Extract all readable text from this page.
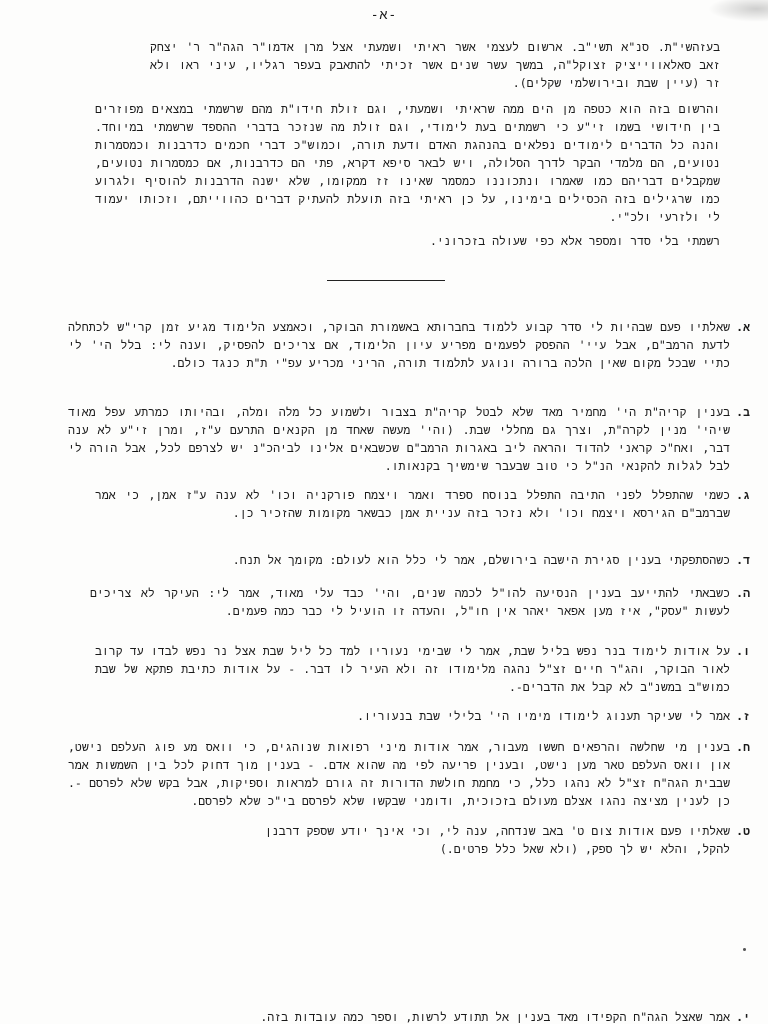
-א-

בעזהשי"ת. סנ"א תשי"ב. ארשום לעצמי אשר ראיתי ושמעתי אצל מרן אדמו"ר הגה"ר ר' יצחק זאב סאלאווייציק זצוקל"ה, במשך עשר שנים אשר זכיתי להתאבק בעפר רגליו, עיני ראו ולא זר (עיין שבת ובירושלמי שקלים).

והרשום בזה הוא כטפה מן הים ממה שראיתי ושמעתי, וגם זולת חידו"ת מהם שרשמתי במצאים מפוזרים בין חידושי בשמו זי"ע כי רשמתים בעת לימודי, וגם זולת מה שנזכר בדברי ההספד שרשמתי במיוחד. והנה כל הדברים לימודים נפלאים בהנהגת האדם ודעת תורה, וכמוש"כ דברי חכמים כדרבנות וכמסמרות נטועים, הם מלמדי הבקר לדרך הסלולה, ויש לבאר סיפא דקרא, פתי הם כדרבנות, אם כמסמרות נטועים, שמקבלים דבריהם כמו שאמרו ונתכוננו כמסמר שאינו זז ממקומו, שלא ישנה הדרבנות להוסיף ולגרוע כמו שרגילים בזה הכסילים בימינו, על כן ראיתי בזה תועלת להעתיק דברים כהווייתם, וזכותו יעמוד לי ולזרעי ולכ"י.

רשמתי בלי סדר ומספר אלא כפי שעולה בזכרוני.

א.
שאלתיו פעם שבהיות לי סדר קבוע ללמוד בחברותא באשמורת הבוקר, וכאמצע הלימוד מגיע זמן קרי"ש לכתחלה לדעת הרמב"ם, אבל עיי' ההפסק לפעמים מפריע עיון הלימוד, אם צריכים להפסיק, וענה לי: בלל הי' לי כתיי שבכל מקום שאין הלכה ברורה ונוגע לתלמוד תורה, הריני מכריע עפ"י ת"ת כנגד כולם.
ב.
בענין קריה"ת הי' מחמיר מאד שלא לבטל קריה"ת בצבור ולשמוע כל מלה ומלה, ובהיותו כמרתע עפל מאוד שיהי' מנין לקרה"ת, וצרך גם מחללי שבת. (והי' מעשה שאחד מן הקנאים התרעם ע"ז, ומרן זי"ע לא ענה דבר, ואח"כ קראני להדוד והראה ליב באגרות הרמב"ם שכשבאים אלינו לביהכ"נ יש לצרפם לכל, אבל הורה לי לבל לגלות להקנאי הנ"ל כי טוב שבעבר שימשיך בקנאותו.
ג.
כשמי שהתפלל לפני התיבה התפלל בנוסח ספרד ואמר ויצמח פורקניה וכו' לא ענה ע"ז אמן, כי אמר שברמב"ם הגירסא ויצמח וכו' ולא נזכר בזה עניית אמן כבשאר מקומות שהזכיר כן.
ד.
כשהסתפקתי בענין סגירת הישבה בירושלם, אמר לי כלל הוא לעולם: מקומך אל תנח.
ה.
כשבאתי להתייעב בענין הנסיעה להו"ל לכמה שנים, והי' כבד עלי מאוד, אמר לי: העיקר לא צריכים לעשות "עסק", איז מען אפאר יאהר אין חו"ל, והעדה זו הועיל לי כבר כמה פעמים.
ו.
על אודות לימוד בנר נפש בליל שבת, אמר לי שבימי נעוריו למד כל ליל שבת אצל נר נפש לבדו עד קרוב לאור הבוקר, והג"ר חיים זצ"ל נהגה מלימודו זה ולא העיר לו דבר. - על אודות כתיבת פתקא של שבת כמוש"ב במשנ"ב לא קבל את הדברים-.
ז.
אמר לי שעיקר תענוג לימודו מימיו הי' בלילי שבת בנעוריו.
ח.
בענין מי שחלשה והרפאים חששו מעבור, אמר אודות מיני רפואות שנוהגים, כי וואס מע פוג העלפם נישט, און וואס העלפם טאר מען נישט, ובענין פריעה לפי מה שהוא אדם. - בענין מוך דחוק לכל בין השמשות אמר שבבית הגה"ח זצ"ל לא נהגו כלל, כי מחמת חולשת הדורות זה גורם למראות וספיקות, אבל בקש שלא לפרסם -. כן לענין מציצה נהגו אצלם מעולם בזכוכית, ודומני שבקשו שלא לפרסם בי"כ שלא לפרסם.
ט.
שאלתיו פעם אודות צום ט' באב שנדחה, ענה לי, וכי אינך יודע שספק דרבנן להקל, והלא יש לך ספק, (ולא שאל כלל פרטים.)
י.
אמר שאצל הגה"ח הקפידו מאד בענין אל תתודע לרשות, וספר כמה עובדות בזה.
